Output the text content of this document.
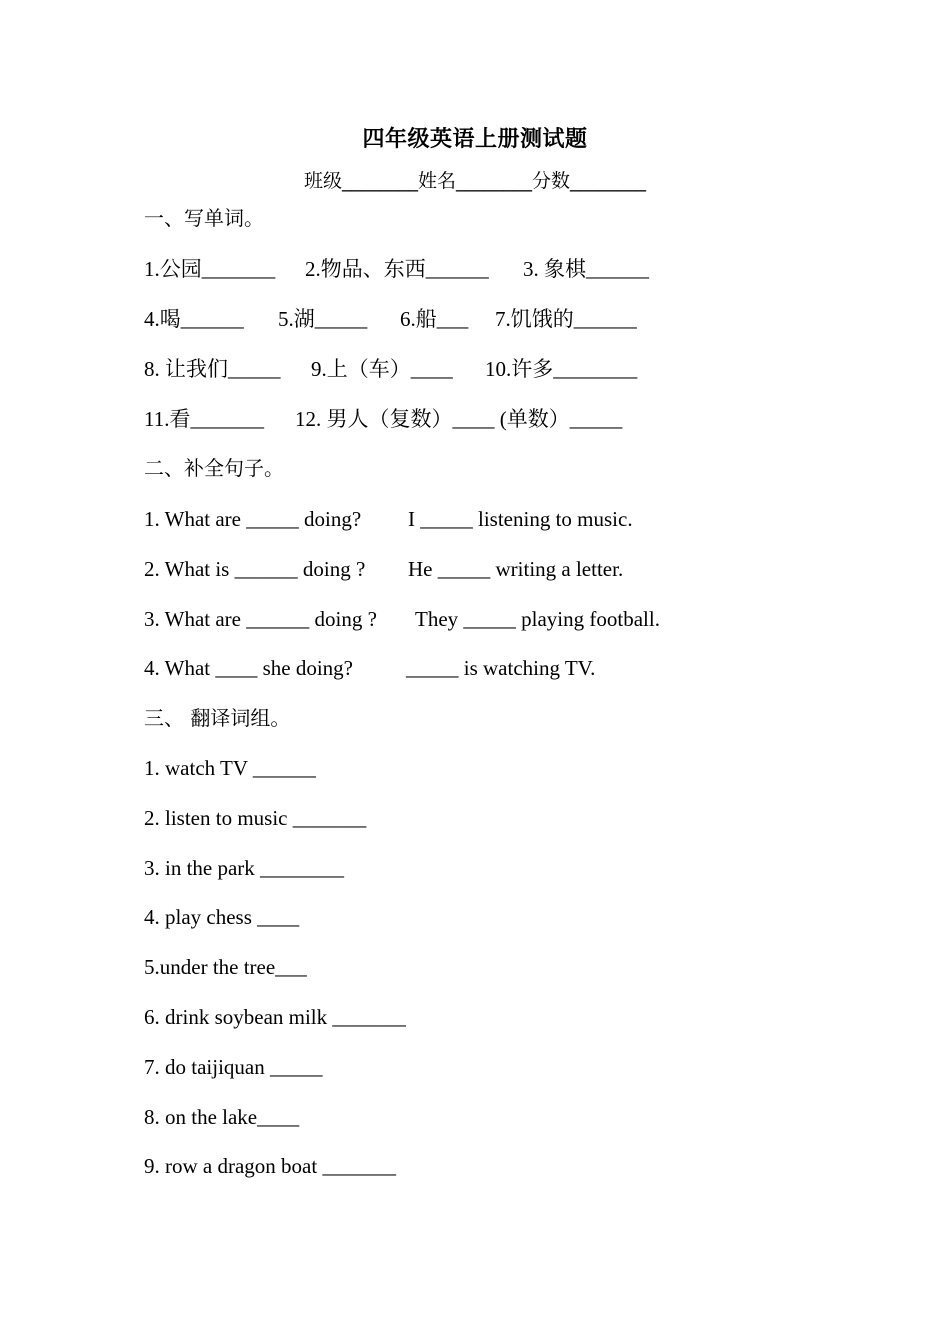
四年级英语上册测试题
班级________姓名________分数________
一、写单词。

1.公园_______

2.物品、东西______

3. 象棋______

4.喝______

5.湖_____

6.船___

7.饥饿的______

8. 让我们_____

9.上（车）____

10.许多________

11.看_______

12. 男人（复数）____ (单数）_____

二、补全句子。

1. What are _____ doing?

I _____ listening to music.

2. What is ______ doing ?

He _____ writing a letter.

3. What are ______ doing ?

They _____ playing football.

4. What ____ she doing?

	_____ is watching TV.

三、 翻译词组。
1. watch TV ______
2. listen to music _______
3. in the park ________
4. play chess ____
5.under the tree___
6. drink soybean milk _______
7. do taijiquan _____
8. on the lake____
9. row a dragon boat _______
